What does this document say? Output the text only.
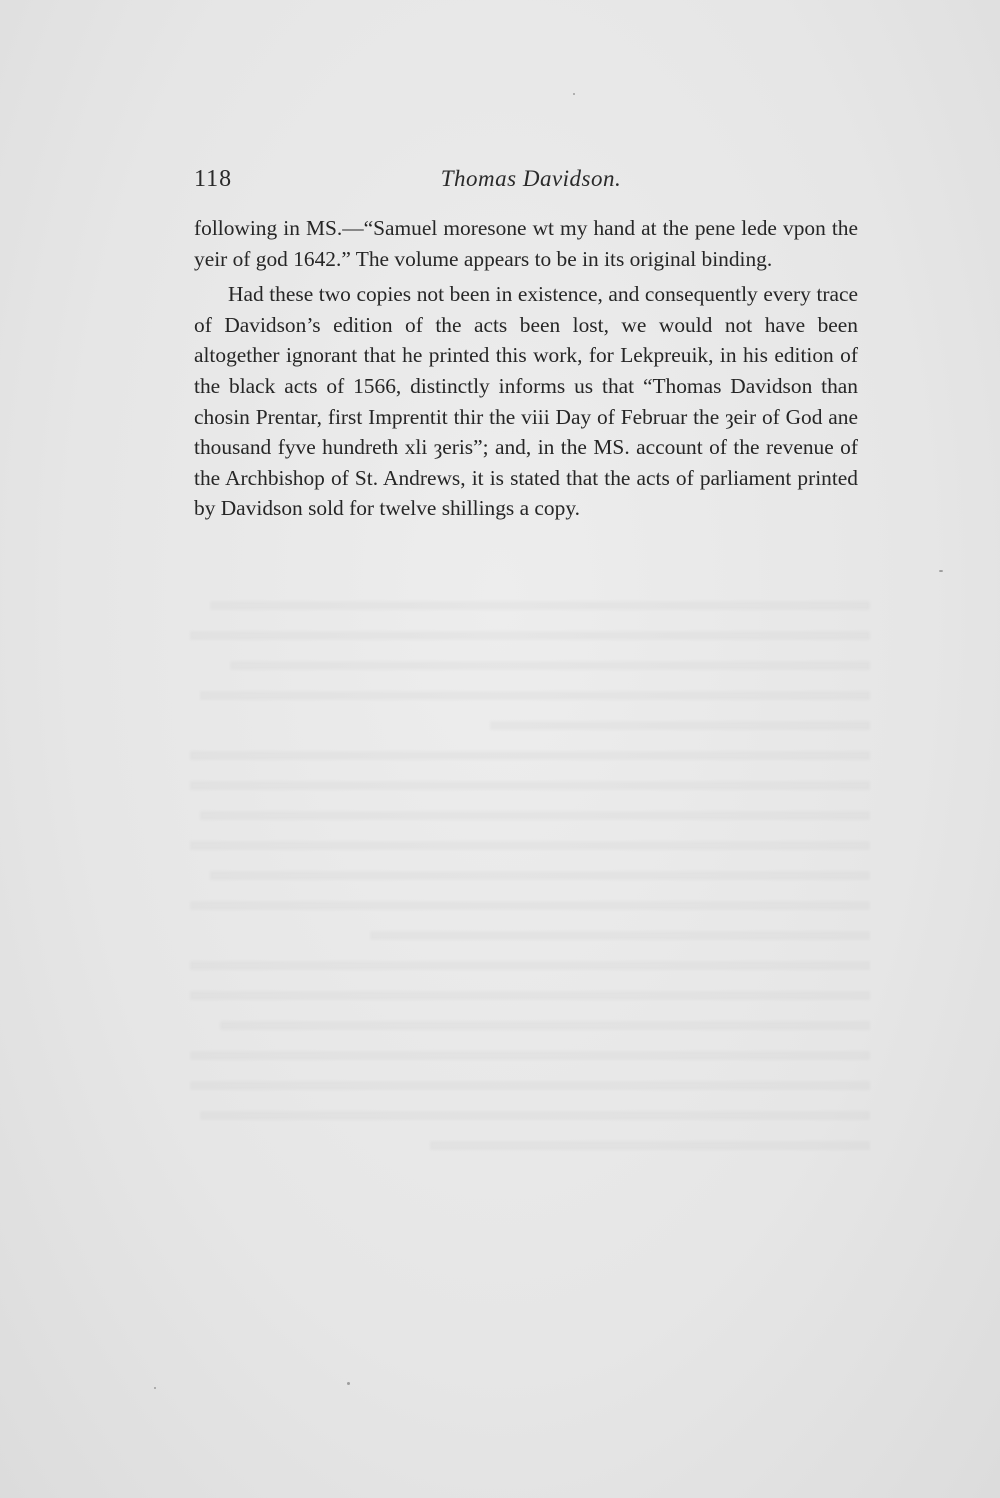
118	Thomas Davidson.

following in MS.—“Samuel moresone wt my hand at the pene lede vpon the yeir of god 1642.” The volume appears to be in its original binding.

Had these two copies not been in existence, and consequently every trace of Davidson’s edition of the acts been lost, we would not have been altogether ignorant that he printed this work, for Lekpreuik, in his edition of the black acts of 1566, distinctly informs us that “Thomas Davidson than chosin Prentar, first Imprentit thir the viii Day of Februar the ȝeir of God ane thousand fyve hundreth xli ȝeris”; and, in the MS. account of the revenue of the Archbishop of St. Andrews, it is stated that the acts of parliament printed by Davidson sold for twelve shillings a copy.
